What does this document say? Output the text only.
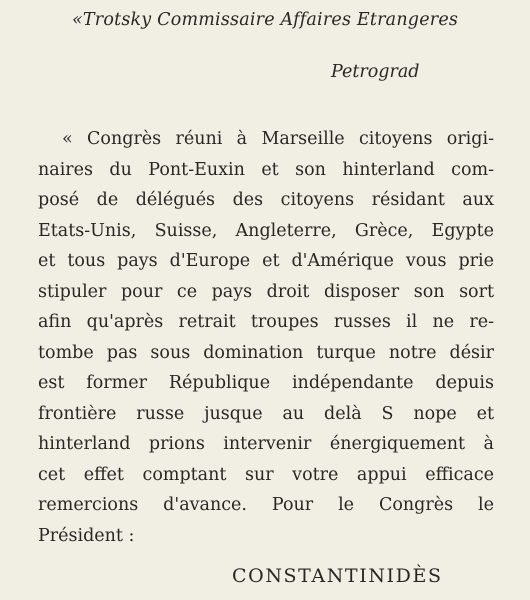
«Trotsky Commissaire Affaires Etrangeres
Petrograd
« Congrès réuni à Marseille citoyens origi-
naires du Pont-Euxin et son hinterland com-
posé de délégués des citoyens résidant aux
Etats-Unis, Suisse, Angleterre, Grèce, Egypte
et tous pays d'Europe et d'Amérique vous prie
stipuler pour ce pays droit disposer son sort
afin qu'après retrait troupes russes il ne re-
tombe pas sous domination turque notre désir
est former République indépendante depuis
frontière russe jusque au delà S nope et
hinterland prions intervenir énergiquement à
cet effet comptant sur votre appui efficace
remercions d'avance. Pour le Congrès le
Président :
CONSTANTINIDÈS
